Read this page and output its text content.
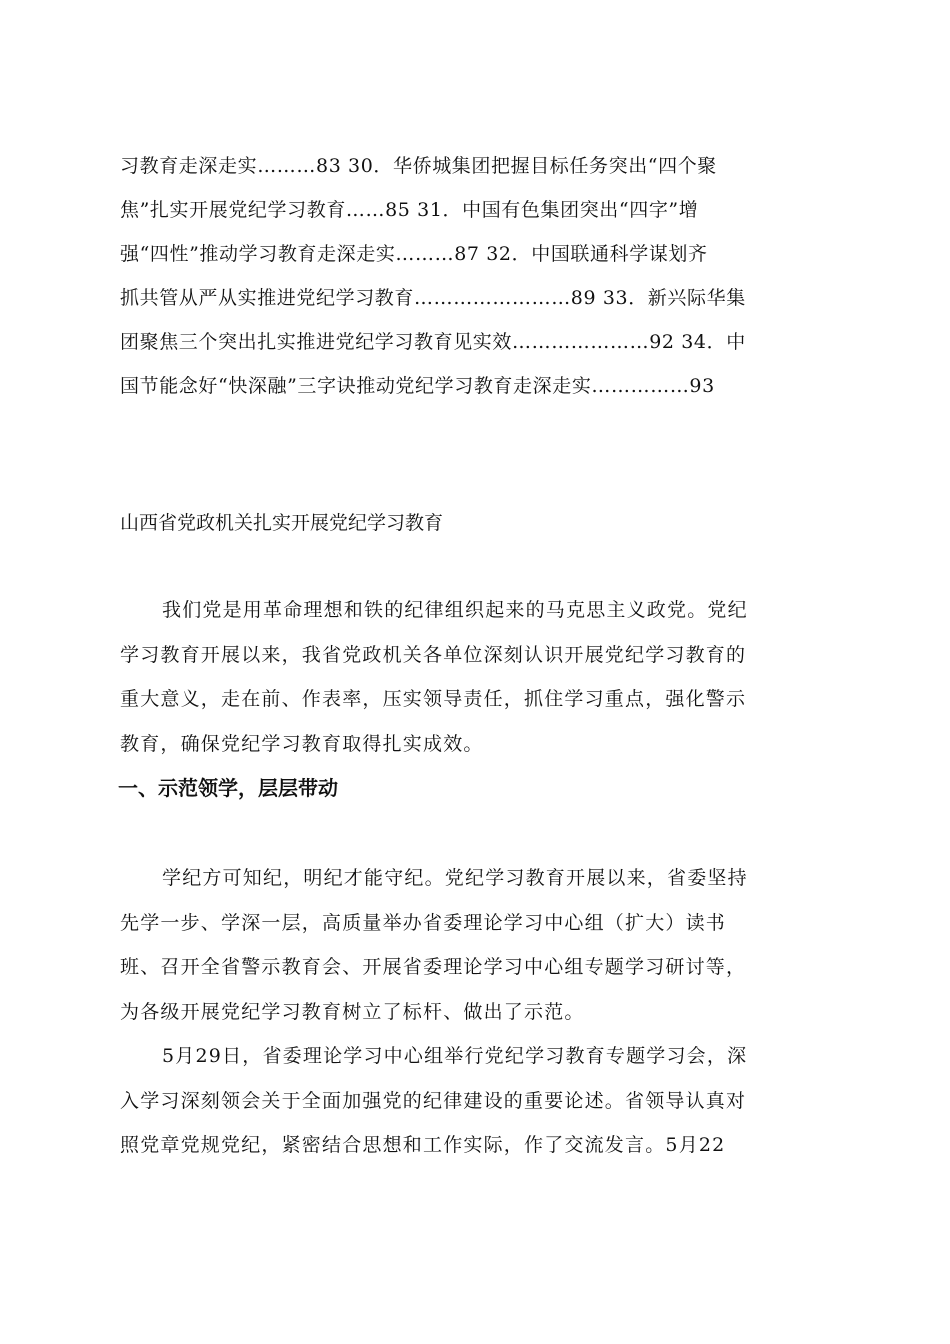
习教育走深走实………83 30．华侨城集团把握目标任务突出“四个聚
焦”扎实开展党纪学习教育……85 31．中国有色集团突出“四字”增
强“四性”推动学习教育走深走实………87 32．中国联通科学谋划齐
抓共管从严从实推进党纪学习教育……………………89 33．新兴际华集
团聚焦三个突出扎实推进党纪学习教育见实效…………………92 34．中
国节能念好“快深融”三字诀推动党纪学习教育走深走实……………93
山西省党政机关扎实开展党纪学习教育

我们党是用革命理想和铁的纪律组织起来的马克思主义政党。党纪
学习教育开展以来，我省党政机关各单位深刻认识开展党纪学习教育的
重大意义，走在前、作表率，压实领导责任，抓住学习重点，强化警示
教育，确保党纪学习教育取得扎实成效。

一、示范领学，层层带动

学纪方可知纪，明纪才能守纪。党纪学习教育开展以来，省委坚持
先学一步、学深一层，高质量举办省委理论学习中心组（扩大）读书
班、召开全省警示教育会、开展省委理论学习中心组专题学习研讨等，
为各级开展党纪学习教育树立了标杆、做出了示范。

5月29日，省委理论学习中心组举行党纪学习教育专题学习会，深
入学习深刻领会关于全面加强党的纪律建设的重要论述。省领导认真对
照党章党规党纪，紧密结合思想和工作实际，作了交流发言。5月22
